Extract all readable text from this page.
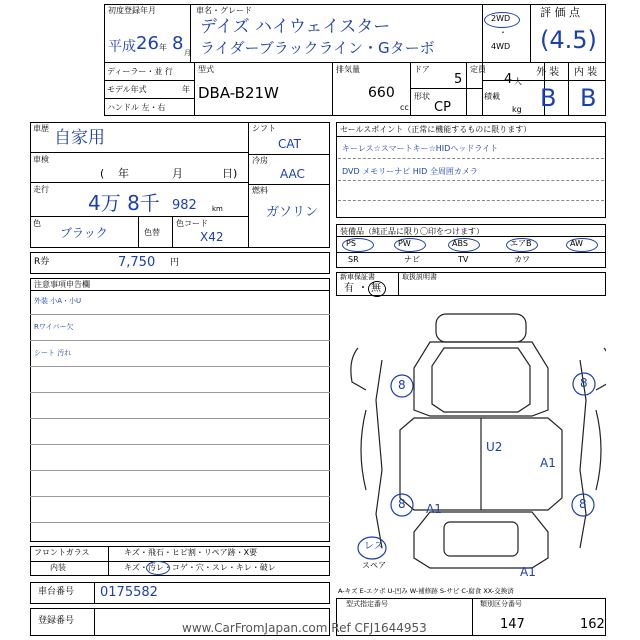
初度登録年月
平成 26 年 8 月
車名・グレード
デイズ ハイウェイスター
ライダーブラックライン・Gターボ
2WD
・
4WD
評 価 点
(4.5)
ディーラー・並 行
モデル年式	年
ハンドル 左・右
型式
DBA-B21W
排気量
660
cc
ドア
5
形状
CP
定員
4 人
積載
kg
外 装 内 装
B B
車歴 自家用
車検
( 年	月	日)
走行
4万 8千 982 km
色
ブラック	色替
色コード
X42
シフト
CAT
冷房
AAC
燃料
ガソリン
R券	7,750 円
セールスポイント（正常に機能するものに限ります）
キーレス☆スマートキー☆HIDヘッドライト
DVD メモリーナビ HID 全周囲カメラ
装備品（純正品に限り〇印をつけます）
PS	PW	ABS	エアB	AW
SR	ナビ	TV	カワ
新車保証書	取扱説明書
有 ・ 無
注意事項申告欄
外装 小A・小U
Rワイパー欠
シート 汚れ
8	8
8	8
U2
A1
A1
A1
レス
スペア
A-キズ E-エクボ U-凹み W-補修跡 S-サビ C-腐食 XX-交換済
フロントガラス	キズ・飛石・ヒビ割・リペア跡・X要
内装	キズ・汚レ・コゲ・穴・スレ・キレ・破レ
車台番号 0175582
登録番号
型式指定番号	類別区分番号
147	162
www.CarFromJapan.com Ref CFJ1644953
